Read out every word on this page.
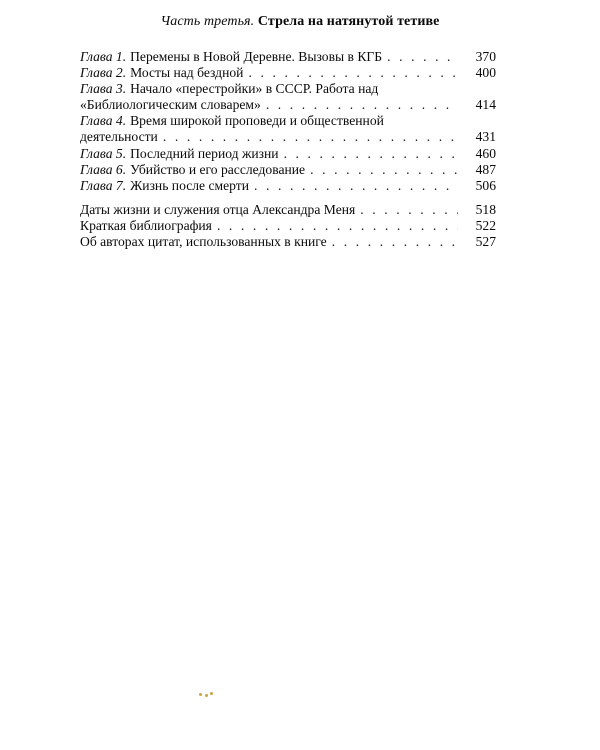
Часть третья. Стрела на натянутой тетиве
Глава 1. Перемены в Новой Деревне. Вызовы в КГБ . . .	370
Глава 2. Мосты над бездной . . .	400
Глава 3. Начало «перестройки» в СССР. Работа над
«Библиологическим словарем» . . .	414
Глава 4. Время широкой проповеди и общественной
деятельности . . .	431
Глава 5. Последний период жизни . . .	460
Глава 6. Убийство и его расследование . . .	487
Глава 7. Жизнь после смерти . . .	506
Даты жизни и служения отца Александра Меня . . .	518
Краткая библиография . . .	522
Об авторах цитат, использованных в книге . . .	527
